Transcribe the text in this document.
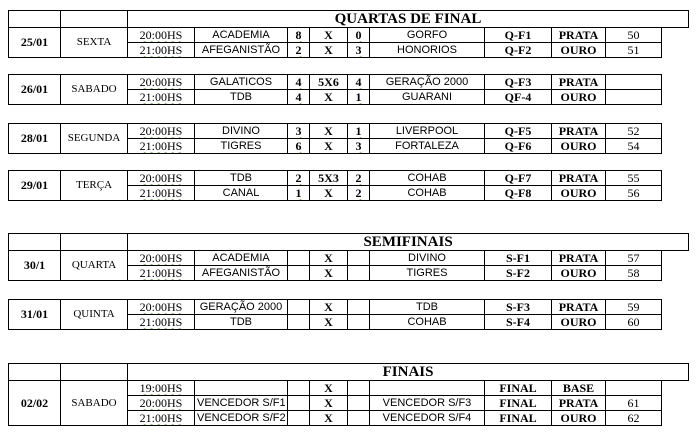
		QUARTAS DE FINAL								
25/01	SEXTA	20:00HS	ACADEMIA	8	X	0	GORFO	Q-F1	PRATA	50
		21:00HS	AFEGANISTÃO	2	X	3	HONORIOS	Q-F2	OURO	51
26/01	SABADO	20:00HS	GALATICOS	4	5X6	4	GERAÇÃO 2000	Q-F3	PRATA	
		21:00HS	TDB	4	X	1	GUARANI	QF-4	OURO	
28/01	SEGUNDA	20:00HS	DIVINO	3	X	1	LIVERPOOL	Q-F5	PRATA	52
		21:00HS	TIGRES	6	X	3	FORTALEZA	Q-F6	OURO	54
29/01	TERÇA	20:00HS	TDB	2	5X3	2	COHAB	Q-F7	PRATA	55
		21:00HS	CANAL	1	X	2	COHAB	Q-F8	OURO	56
		SEMIFINAIS								
30/1	QUARTA	20:00HS	ACADEMIA		X		DIVINO	S-F1	PRATA	57
		21:00HS	AFEGANISTÃO		X		TIGRES	S-F2	OURO	58
31/01	QUINTA	20:00HS	GERAÇÃO 2000		X		TDB	S-F3	PRATA	59
		21:00HS	TDB		X		COHAB	S-F4	OURO	60
		FINAIS								
02/02	SABADO	19:00HS			X			FINAL	BASE	
		20:00HS	VENCEDOR S/F1		X		VENCEDOR S/F3	FINAL	PRATA	61
		21:00HS	VENCEDOR S/F2		X		VENCEDOR S/F4	FINAL	OURO	62
